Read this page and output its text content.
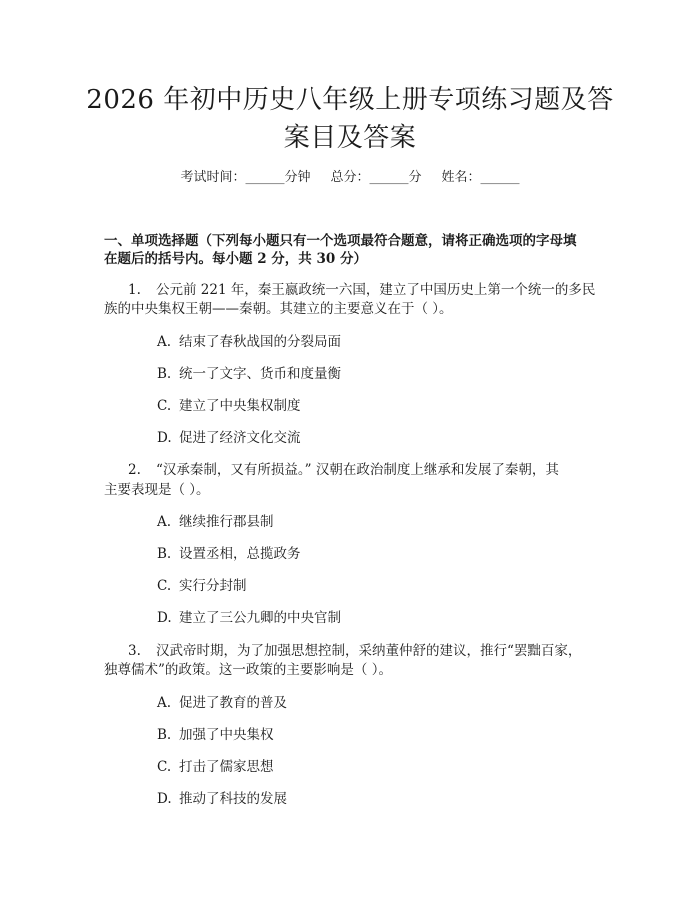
2026 年初中历史八年级上册专项练习题及答
案目及答案
考试时间：______分钟 总分：______分 姓名：______
一、单项选择题（下列每小题只有一个选项最符合题意，请将正确选项的字母填
在题后的括号内。每小题 2 分，共 30 分）
1. 公元前 221 年，秦王嬴政统一六国，建立了中国历史上第一个统一的多民
族的中央集权王朝——秦朝。其建立的主要意义在于（ ）。
A. 结束了春秋战国的分裂局面
B. 统一了文字、货币和度量衡
C. 建立了中央集权制度
D. 促进了经济文化交流
2. “汉承秦制，又有所损益。” 汉朝在政治制度上继承和发展了秦朝，其
主要表现是（ ）。
A. 继续推行郡县制
B. 设置丞相，总揽政务
C. 实行分封制
D. 建立了三公九卿的中央官制
3. 汉武帝时期，为了加强思想控制，采纳董仲舒的建议，推行“罢黜百家，
独尊儒术”的政策。这一政策的主要影响是（ ）。
A. 促进了教育的普及
B. 加强了中央集权
C. 打击了儒家思想
D. 推动了科技的发展
